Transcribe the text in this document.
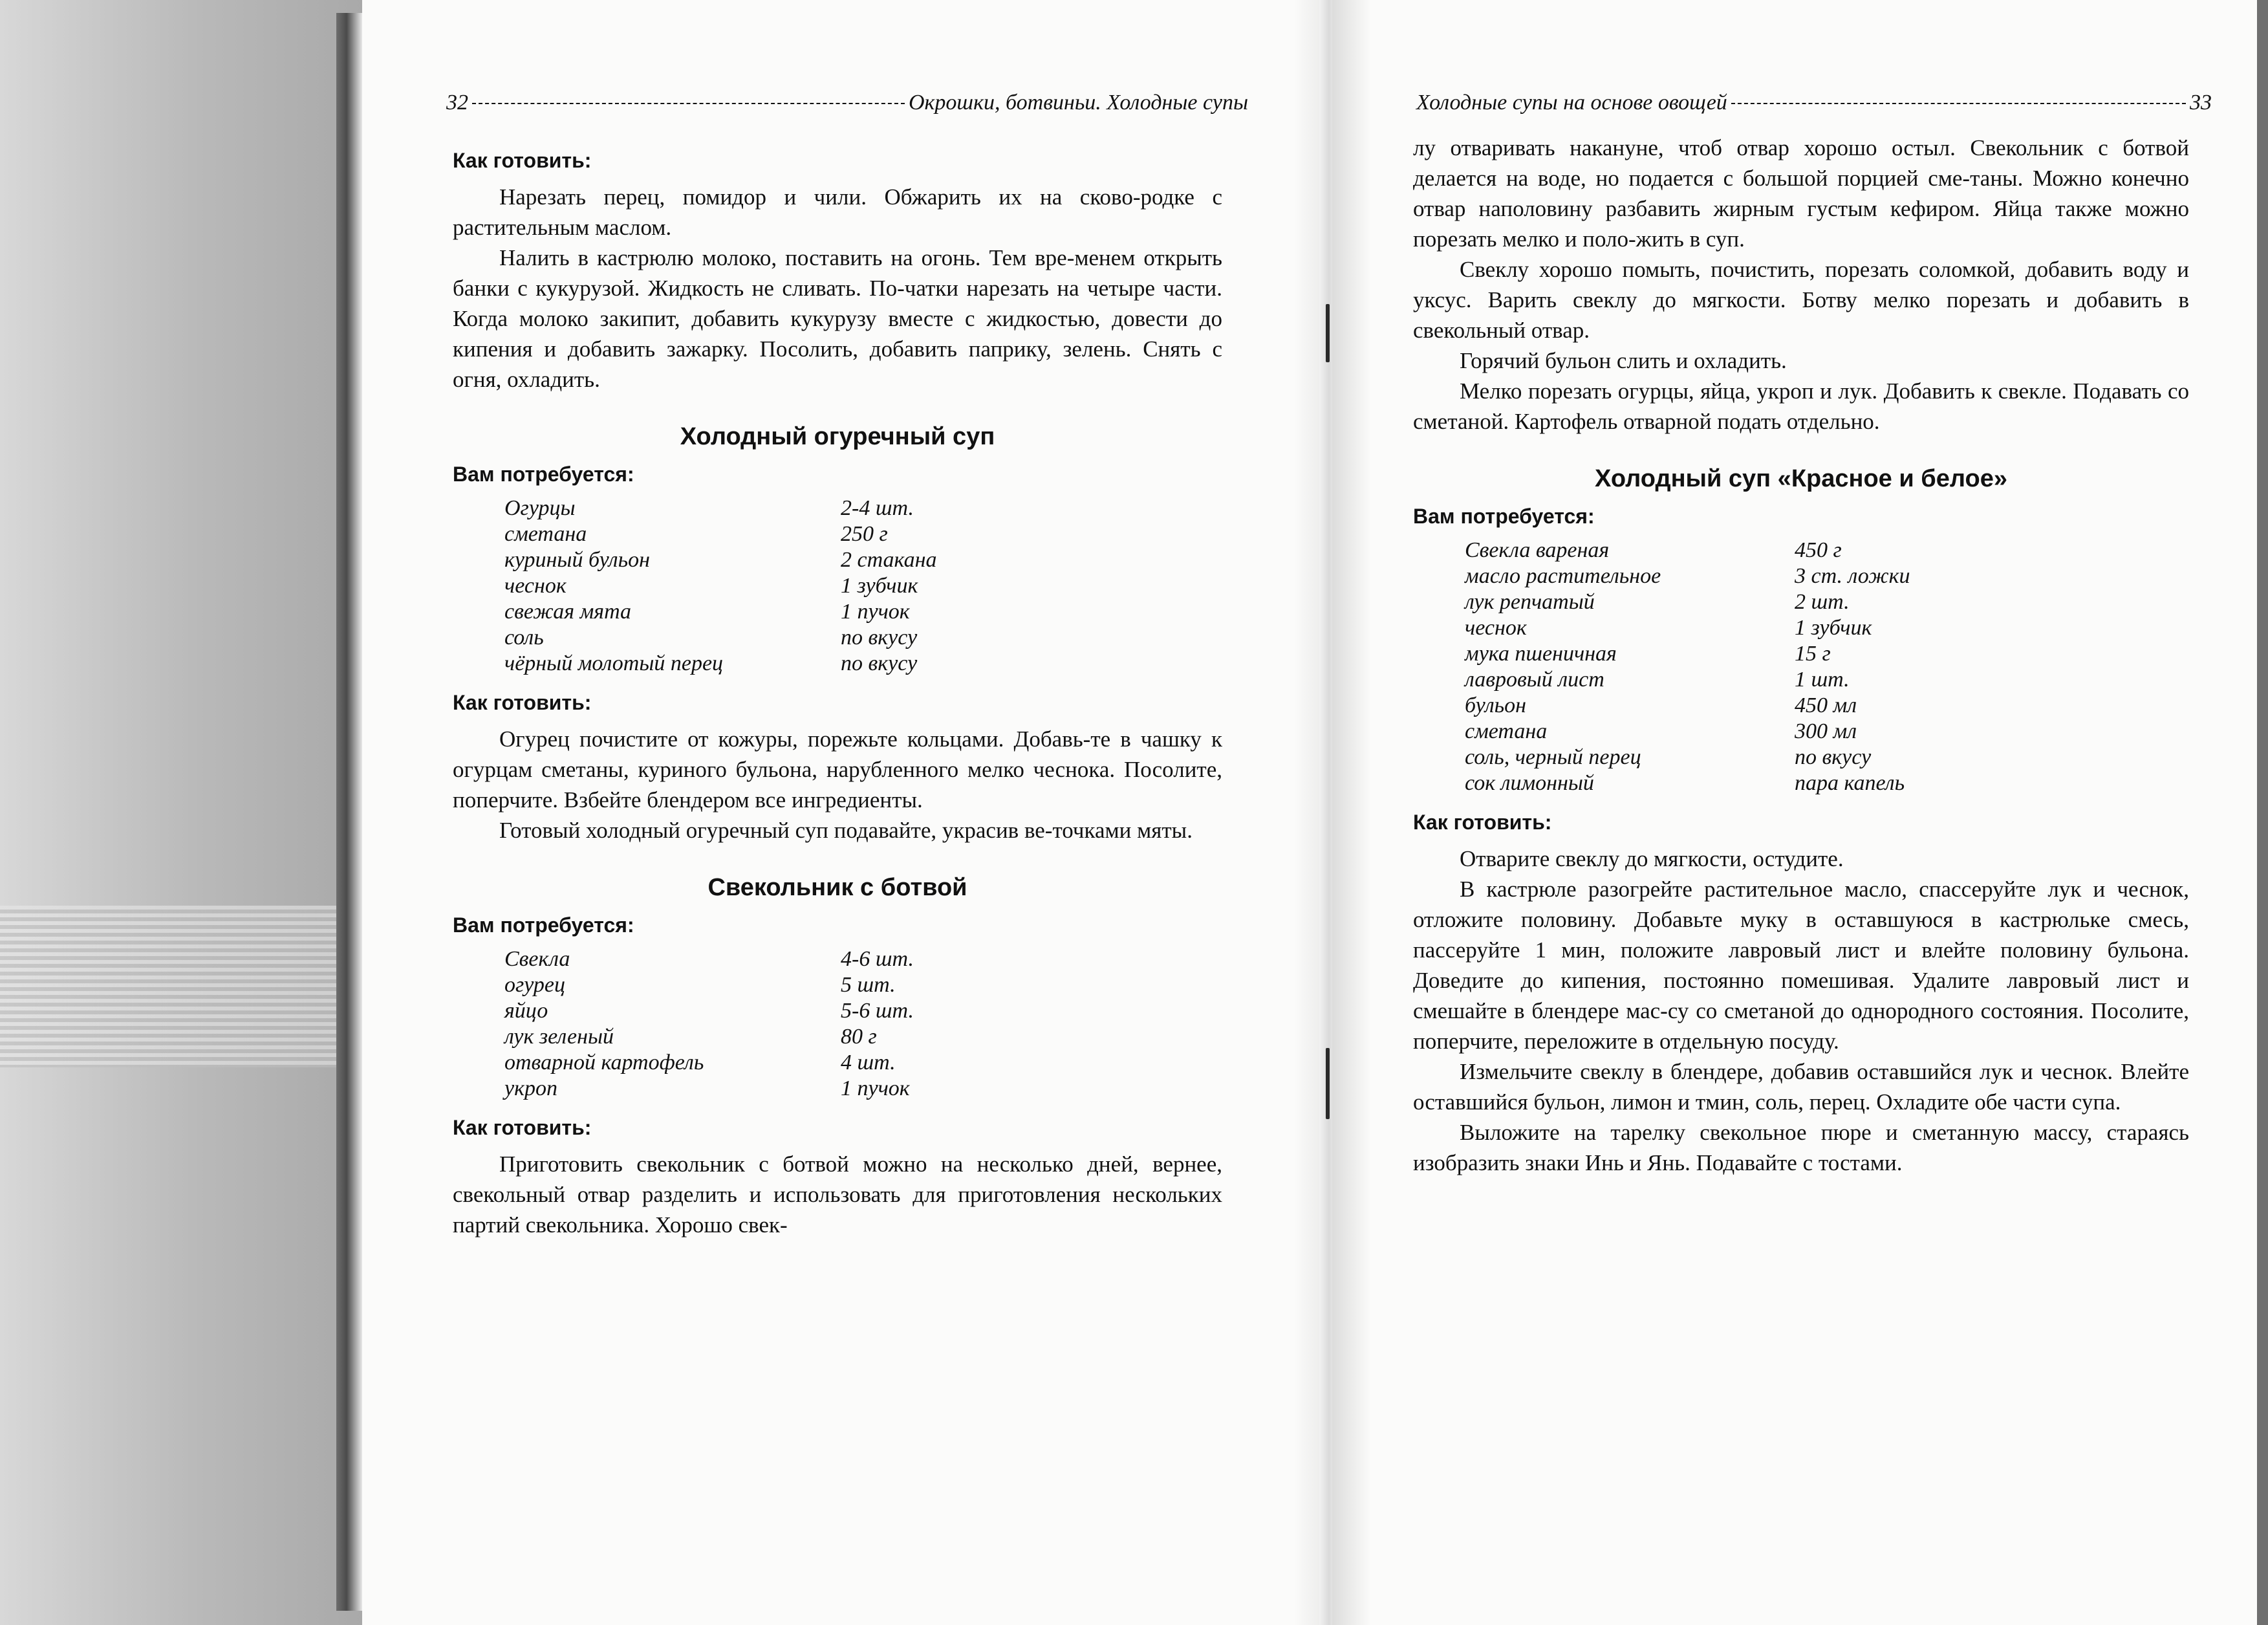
32	Окрошки, ботвиньи. Холодные супы
Как готовить:

Нарезать перец, помидор и чили. Обжарить их на сково-родке с растительным маслом.

Налить в кастрюлю молоко, поставить на огонь. Тем вре-менем открыть банки с кукурузой. Жидкость не сливать. По-чатки нарезать на четыре части. Когда молоко закипит, добавить кукурузу вместе с жидкостью, довести до кипения и добавить зажарку. Посолить, добавить паприку, зелень. Снять с огня, охладить.

Холодный огуречный суп
Вам потребуется:
Огурцы	2-4 шт.
сметана	250 г
куриный бульон	2 стакана
чеснок	1 зубчик
свежая мята	1 пучок
соль	по вкусу
чёрный молотый перец	по вкусу
Как готовить:

Огурец почистите от кожуры, порежьте кольцами. Добавь-те в чашку к огурцам сметаны, куриного бульона, нарубленного мелко чеснока. Посолите, поперчите. Взбейте блендером все ингредиенты.

Готовый холодный огуречный суп подавайте, украсив ве-точками мяты.

Свекольник с ботвой
Вам потребуется:
Свекла	4-6 шт.
огурец	5 шт.
яйцо	5-6 шт.
лук зеленый	80 г
отварной картофель	4 шт.
укроп	1 пучок
Как готовить:

Приготовить свекольник с ботвой можно на несколько дней, вернее, свекольный отвар разделить и использовать для приготовления нескольких партий свекольника. Хорошо свек-

Холодные супы на основе овощей	33

лу отваривать накануне, чтоб отвар хорошо остыл. Свекольник с ботвой делается на воде, но подается с большой порцией сме-таны. Можно конечно отвар наполовину разбавить жирным густым кефиром. Яйца также можно порезать мелко и поло-жить в суп.

Свеклу хорошо помыть, почистить, порезать соломкой, добавить воду и уксус. Варить свеклу до мягкости. Ботву мелко порезать и добавить в свекольный отвар.

Горячий бульон слить и охладить.

Мелко порезать огурцы, яйца, укроп и лук. Добавить к свекле. Подавать со сметаной. Картофель отварной подать отдельно.

Холодный суп «Красное и белое»
Вам потребуется:
Свекла вареная	450 г
масло растительное	3 ст. ложки
лук репчатый	2 шт.
чеснок	1 зубчик
мука пшеничная	15 г
лавровый лист	1 шт.
бульон	450 мл
сметана	300 мл
соль, черный перец	по вкусу
сок лимонный	пара капель
Как готовить:

Отварите свеклу до мягкости, остудите.

В кастрюле разогрейте растительное масло, спассеруйте лук и чеснок, отложите половину. Добавьте муку в оставшуюся в кастрюльке смесь, пассеруйте 1 мин, положите лавровый лист и влейте половину бульона. Доведите до кипения, постоянно помешивая. Удалите лавровый лист и смешайте в блендере мас-су со сметаной до однородного состояния. Посолите, поперчите, переложите в отдельную посуду.

Измельчите свеклу в блендере, добавив оставшийся лук и чеснок. Влейте оставшийся бульон, лимон и тмин, соль, перец. Охладите обе части супа.

Выложите на тарелку свекольное пюре и сметанную массу, стараясь изобразить знаки Инь и Янь. Подавайте с тостами.
